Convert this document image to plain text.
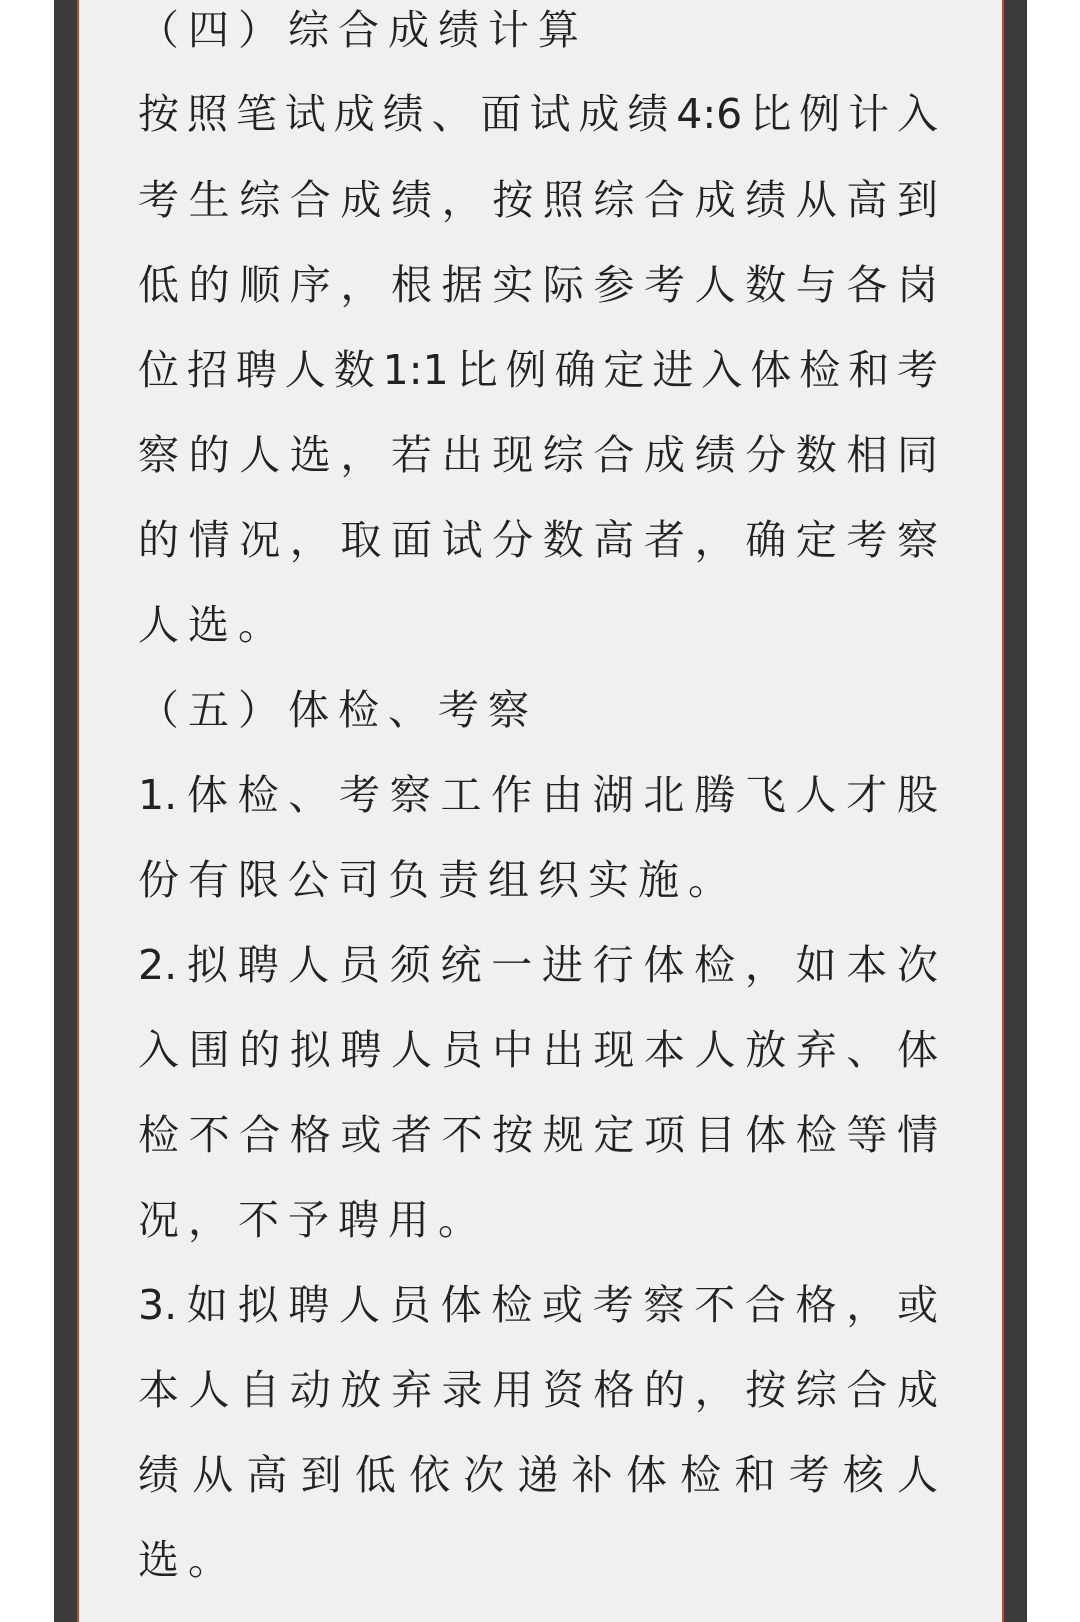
（四）综合成绩计算
按照笔试成绩、面试成绩4:6比例计入
考生综合成绩，按照综合成绩从高到
低的顺序，根据实际参考人数与各岗
位招聘人数1:1比例确定进入体检和考
察的人选，若出现综合成绩分数相同
的情况，取面试分数高者，确定考察
人选。
（五）体检、考察
1.体检、考察工作由湖北腾飞人才股
份有限公司负责组织实施。
2.拟聘人员须统一进行体检，如本次
入围的拟聘人员中出现本人放弃、体
检不合格或者不按规定项目体检等情
况，不予聘用。
3.如拟聘人员体检或考察不合格，或
本人自动放弃录用资格的，按综合成
绩从高到低依次递补体检和考核人
选。
